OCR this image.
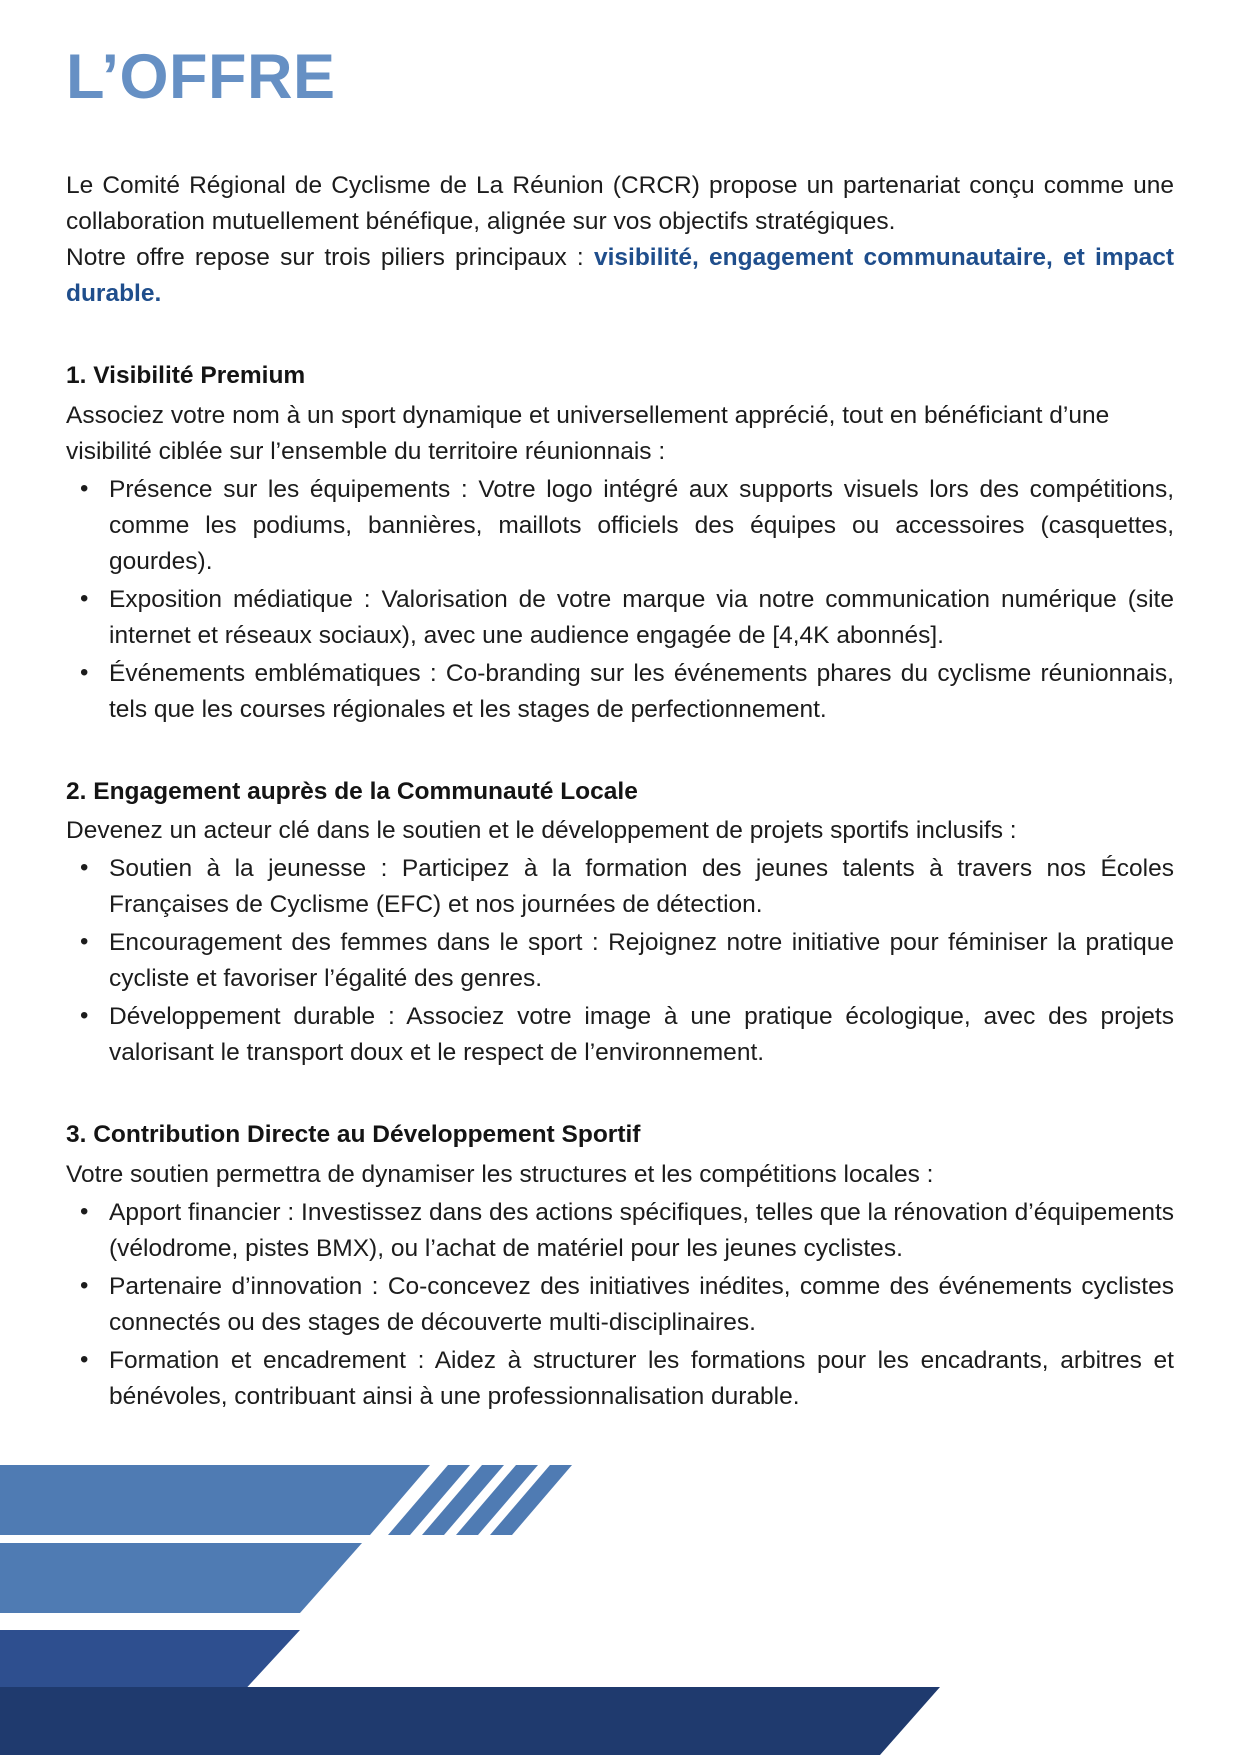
L’OFFRE
Le Comité Régional de Cyclisme de La Réunion (CRCR) propose un partenariat conçu comme une collaboration mutuellement bénéfique, alignée sur vos objectifs stratégiques.
Notre offre repose sur trois piliers principaux : visibilité, engagement communautaire, et impact durable.
1. Visibilité Premium

Associez votre nom à un sport dynamique et universellement apprécié, tout en bénéficiant d’une visibilité ciblée sur l’ensemble du territoire réunionnais :

• Présence sur les équipements : Votre logo intégré aux supports visuels lors des compétitions, comme les podiums, bannières, maillots officiels des équipes ou accessoires (casquettes, gourdes).
• Exposition médiatique : Valorisation de votre marque via notre communication numérique (site internet et réseaux sociaux), avec une audience engagée de [4,4K abonnés].
• Événements emblématiques : Co-branding sur les événements phares du cyclisme réunionnais, tels que les courses régionales et les stages de perfectionnement.
2. Engagement auprès de la Communauté Locale

Devenez un acteur clé dans le soutien et le développement de projets sportifs inclusifs :

• Soutien à la jeunesse : Participez à la formation des jeunes talents à travers nos Écoles Françaises de Cyclisme (EFC) et nos journées de détection.
• Encouragement des femmes dans le sport : Rejoignez notre initiative pour féminiser la pratique cycliste et favoriser l’égalité des genres.
• Développement durable : Associez votre image à une pratique écologique, avec des projets valorisant le transport doux et le respect de l’environnement.
3. Contribution Directe au Développement Sportif

Votre soutien permettra de dynamiser les structures et les compétitions locales :

• Apport financier : Investissez dans des actions spécifiques, telles que la rénovation d’équipements (vélodrome, pistes BMX), ou l’achat de matériel pour les jeunes cyclistes.
• Partenaire d’innovation : Co-concevez des initiatives inédites, comme des événements cyclistes connectés ou des stages de découverte multi-disciplinaires.
• Formation et encadrement : Aidez à structurer les formations pour les encadrants, arbitres et bénévoles, contribuant ainsi à une professionnalisation durable.
